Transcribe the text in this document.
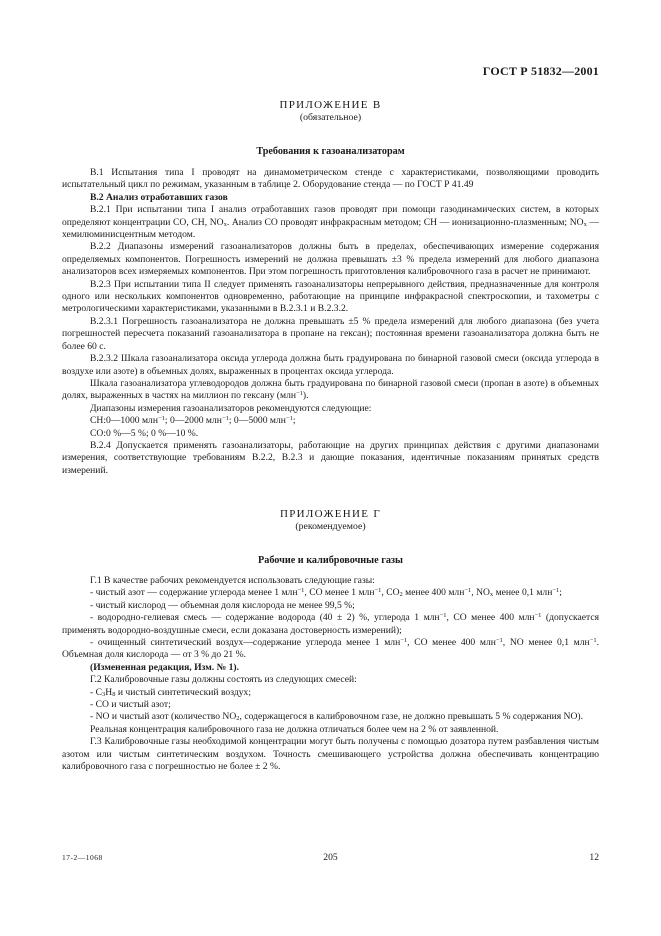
ГОСТ Р 51832—2001

ПРИЛОЖЕНИЕ В

(обязательное)

Требования к газоанализаторам

В.1 Испытания типа I проводят на динамометрическом стенде с характеристиками, позволяющими проводить испытательный цикл по режимам, указанным в таблице 2. Оборудование стенда — по ГОСТ Р 41.49

В.2 Анализ отработавших газов

В.2.1 При испытании типа I анализ отработавших газов проводят при помощи газодинамических систем, в которых определяют концентрации СО, СН, $NO_x$. Анализ СО проводят инфракрасным методом; СН — ионизационно-плазменным; $NO_x$ — хемилюминисцентным методом.

В.2.2 Диапазоны измерений газоанализаторов должны быть в пределах, обеспечивающих измерение содержания определяемых компонентов. Погрешность измерений не должна превышать ±3 % предела измерений для любого диапазона анализаторов всех измеряемых компонентов. При этом погрешность приготовления калибровочного газа в расчет не принимают.

В.2.3 При испытании типа II следует применять газоанализаторы непрерывного действия, предназначенные для контроля одного или нескольких компонентов одновременно, работающие на принципе инфракрасной спектроскопии, и тахометры с метрологическими характеристиками, указанными в В.2.3.1 и В.2.3.2.

В.2.3.1 Погрешность газоанализатора не должна превышать ±5 % предела измерений для любого диапазона (без учета погрешностей пересчета показаний газоанализатора в пропане на гексан); постоянная времени газоанализатора должна быть не более 60 с.

В.2.3.2 Шкала газоанализатора оксида углерода должна быть градуирована по бинарной газовой смеси (оксида углерода в воздухе или азоте) в объемных долях, выраженных в процентах оксида углерода.

Шкала газоанализатора углеводородов должна быть градуирована по бинарной газовой смеси (пропан в азоте) в объемных долях, выраженных в частях на миллион по гексану (млн$^{-1}$).

Диапазоны измерения газоанализаторов рекомендуются следующие:

СН:0—1000 млн$^{-1}$; 0—2000 млн$^{-1}$; 0—5000 млн$^{-1}$;

СО:0 %—5 %; 0 %—10 %.

В.2.4 Допускается применять газоанализаторы, работающие на других принципах действия с другими диапазонами измерения, соответствующие требованиям В.2.2, В.2.3 и дающие показания, идентичные показаниям принятых средств измерений.

ПРИЛОЖЕНИЕ Г

(рекомендуемое)

Рабочие и калибровочные газы

Г.1 В качестве рабочих рекомендуется использовать следующие газы:

- чистый азот — содержание углерода менее 1 млн$^{-1}$, СО менее 1 млн$^{-1}$, $СО_2$ менее 400 млн$^{-1}$, $NO_x$ менее 0,1 млн$^{-1}$;

- чистый кислород — объемная доля кислорода не менее 99,5 %;

- водородно-гелиевая смесь — содержание водорода (40 ± 2) %, углерода 1 млн$^{-1}$, СО менее 400 млн$^{-1}$ (допускается применять водородно-воздушные смеси, если доказана достоверность измерений);

- очищенный синтетический воздух—содержание углерода менее 1 млн$^{-1}$, СО менее 400 млн$^{-1}$, NO менее 0,1 млн$^{-1}$. Объемная доля кислорода — от 3 % до 21 %.

(Измененная редакция, Изм. № 1).

Г.2 Калибровочные газы должны состоять из следующих смесей:

- $С_3Н_8$ и чистый синтетический воздух;

- СО и чистый азот;

- NO и чистый азот (количество $NO_2$, содержащегося в калибровочном газе, не должно превышать 5 % содержания NO).

Реальная концентрация калибровочного газа не должна отличаться более чем на 2 % от заявленной.

Г.3 Калибровочные газы необходимой концентрации могут быть получены с помощью дозатора путем разбавления чистым азотом или чистым синтетическим воздухом. Точность смешивающего устройства должна обеспечивать концентрацию калибровочного газа с погрешностью не более ± 2 %.

17-2—1068	205	12
